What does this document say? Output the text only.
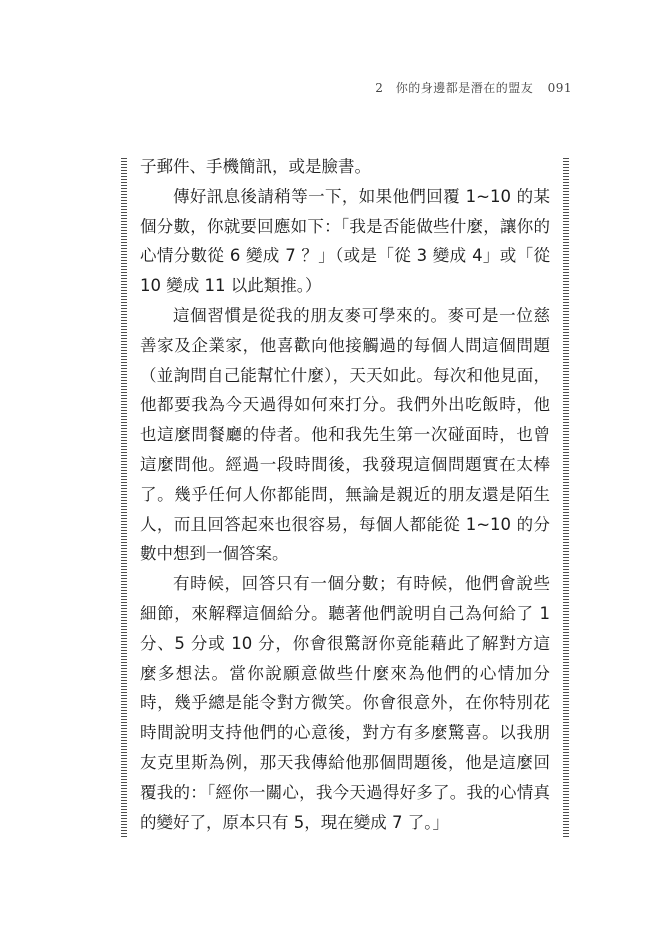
2 你的身邊都是潛在的盟友 091

子郵件、手機簡訊，或是臉書。

傳好訊息後請稍等一下，如果他們回覆 1~10 的某個分數，你就要回應如下：「我是否能做些什麼，讓你的心情分數從 6 變成 7 ？」（或是「從 3 變成 4」或「從 10 變成 11 以此類推。）

這個習慣是從我的朋友麥可學來的。麥可是一位慈善家及企業家，他喜歡向他接觸過的每個人問這個問題（並詢問自己能幫忙什麼），天天如此。每次和他見面，他都要我為今天過得如何來打分。我們外出吃飯時，他也這麼問餐廳的侍者。他和我先生第一次碰面時，也曾這麼問他。經過一段時間後，我發現這個問題實在太棒了。幾乎任何人你都能問，無論是親近的朋友還是陌生人，而且回答起來也很容易，每個人都能從 1~10 的分數中想到一個答案。

有時候，回答只有一個分數；有時候，他們會說些細節，來解釋這個給分。聽著他們說明自己為何給了 1 分、5 分或 10 分，你會很驚訝你竟能藉此了解對方這麼多想法。當你說願意做些什麼來為他們的心情加分時，幾乎總是能令對方微笑。你會很意外，在你特別花時間說明支持他們的心意後，對方有多麼驚喜。以我朋友克里斯為例，那天我傳給他那個問題後，他是這麼回覆我的：「經你一關心，我今天過得好多了。我的心情真的變好了，原本只有 5，現在變成 7 了。」
